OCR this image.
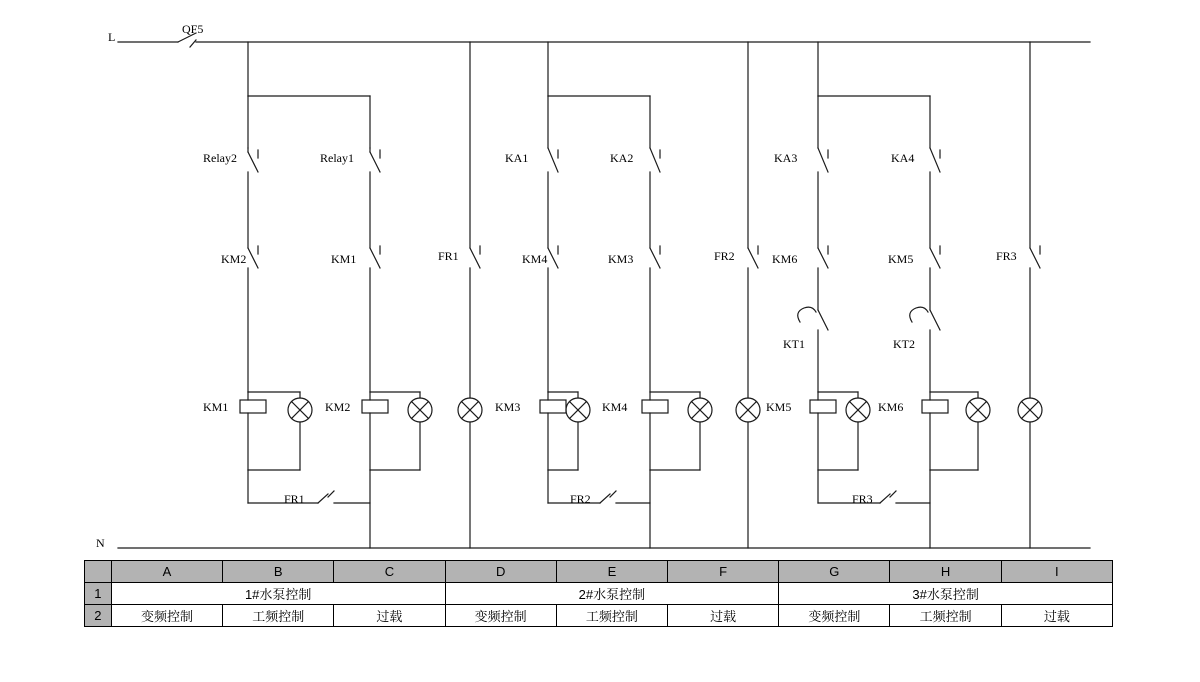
L
QF5
N
Relay2	Relay1	KA1	KA2	KA3	KA4
KM2	KM1	FR1	KM4	KM3	FR2	KM6	KM5	FR3
KT1	KT2
KM1	KM2	KM3	KM4	KM5	KM6
FR1	FR2	FR3
	A	B	C	D	E	F	G	H	I
1	1#水泵控制			2#水泵控制			3#水泵控制		
2	变频控制	工频控制	过载	变频控制	工频控制	过载	变频控制	工频控制	过载
